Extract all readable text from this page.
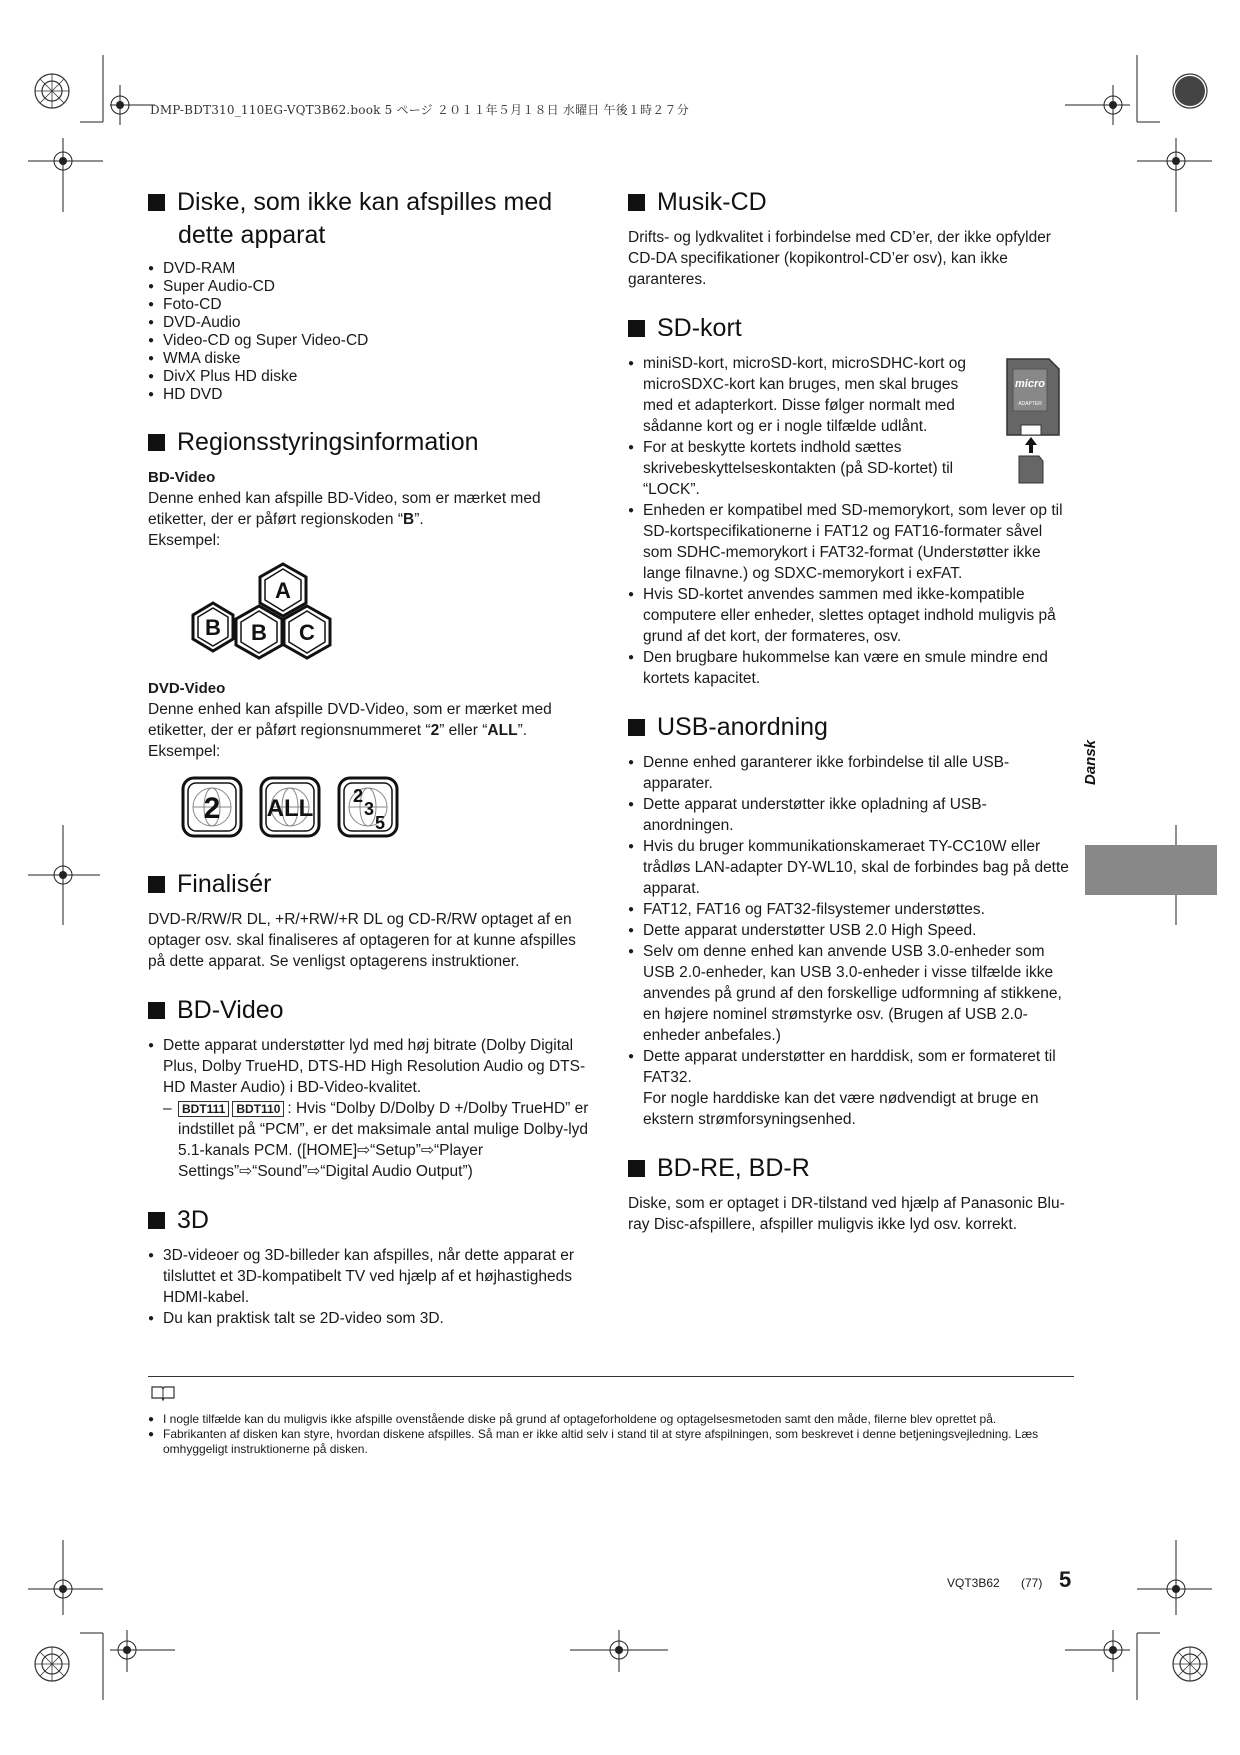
DMP-BDT310_110EG-VQT3B62.book 5 ページ ２０１１年５月１８日 水曜日 午後１時２７分
Diske, som ikke kan afspilles med dette apparat
● DVD-RAM
● Super Audio-CD
● Foto-CD
● DVD-Audio
● Video-CD og Super Video-CD
● WMA diske
● DivX Plus HD diske
● HD DVD
Regionsstyringsinformation
BD-Video

Denne enhed kan afspille BD-Video, som er mærket med etiketter, der er påført regionskoden “B”.

Eksempel:

B
A
B C
DVD-Video

Denne enhed kan afspille DVD-Video, som er mærket med etiketter, der er påført regionsnummeret “2” eller “ALL”.

Eksempel:

2 ALL 2
3
5
Finalisér

DVD-R/RW/R DL, +R/+RW/+R DL og CD-R/RW optaget af en optager osv. skal finaliseres af optageren for at kunne afspilles på dette apparat. Se venligst optagerens instruktioner.

BD-Video
● Dette apparat understøtter lyd med høj bitrate (Dolby Digital Plus, Dolby TrueHD, DTS-HD High Resolution Audio og DTS-HD Master Audio) i BD-Video-kvalitet.
– BDT111 BDT110 : Hvis “Dolby D/Dolby D +/Dolby TrueHD” er indstillet på “PCM”, er det maksimale antal mulige Dolby-lyd 5.1-kanals PCM. ([HOME]⇨“Setup”⇨“Player Settings”⇨“Sound”⇨“Digital Audio Output”)
3D
● 3D-videoer og 3D-billeder kan afspilles, når dette apparat er tilsluttet et 3D-kompatibelt TV ved hjælp af et højhastigheds HDMI-kabel.
● Du kan praktisk talt se 2D-video som 3D.
Musik-CD

Drifts- og lydkvalitet i forbindelse med CD’er, der ikke opfylder CD-DA specifikationer (kopikontrol-CD’er osv), kan ikke garanteres.

SD-kort
micro
ADAPTER
● miniSD-kort, microSD-kort, microSDHC-kort og microSDXC-kort kan bruges, men skal bruges med et adapterkort. Disse følger normalt med sådanne kort og er i nogle tilfælde udlånt.
● For at beskytte kortets indhold sættes skrivebeskyttelseskontakten (på SD-kortet) til “LOCK”.
● Enheden er kompatibel med SD-memorykort, som lever op til SD-kortspecifikationerne i FAT12 og FAT16-formater såvel som SDHC-memorykort i FAT32-format (Understøtter ikke lange filnavne.) og SDXC-memorykort i exFAT.
● Hvis SD-kortet anvendes sammen med ikke-kompatible computere eller enheder, slettes optaget indhold muligvis på grund af det kort, der formateres, osv.
● Den brugbare hukommelse kan være en smule mindre end kortets kapacitet.
USB-anordning
● Denne enhed garanterer ikke forbindelse til alle USB-apparater.
● Dette apparat understøtter ikke opladning af USB-anordningen.
● Hvis du bruger kommunikationskameraet TY-CC10W eller trådløs LAN-adapter DY-WL10, skal de forbindes bag på dette apparat.
● FAT12, FAT16 og FAT32-filsystemer understøttes.
● Dette apparat understøtter USB 2.0 High Speed.
● Selv om denne enhed kan anvende USB 3.0-enheder som USB 2.0-enheder, kan USB 3.0-enheder i visse tilfælde ikke anvendes på grund af den forskellige udformning af stikkene, en højere nominel strømstyrke osv. (Brugen af USB 2.0-enheder anbefales.)
● Dette apparat understøtter en harddisk, som er formateret til FAT32.

For nogle harddiske kan det være nødvendigt at bruge en ekstern strømforsyningsenhed.

BD-RE, BD-R

Diske, som er optaget i DR-tilstand ved hjælp af Panasonic Blu-ray Disc-afspillere, afspiller muligvis ikke lyd osv. korrekt.

Dansk
● I nogle tilfælde kan du muligvis ikke afspille ovenstående diske på grund af optageforholdene og optagelsesmetoden samt den måde, filerne blev oprettet på.
● Fabrikanten af disken kan styre, hvordan diskene afspilles. Så man er ikke altid selv i stand til at styre afspilningen, som beskrevet i denne betjeningsvejledning. Læs omhyggeligt instruktionerne på disken.
VQT3B62 (77) 5
